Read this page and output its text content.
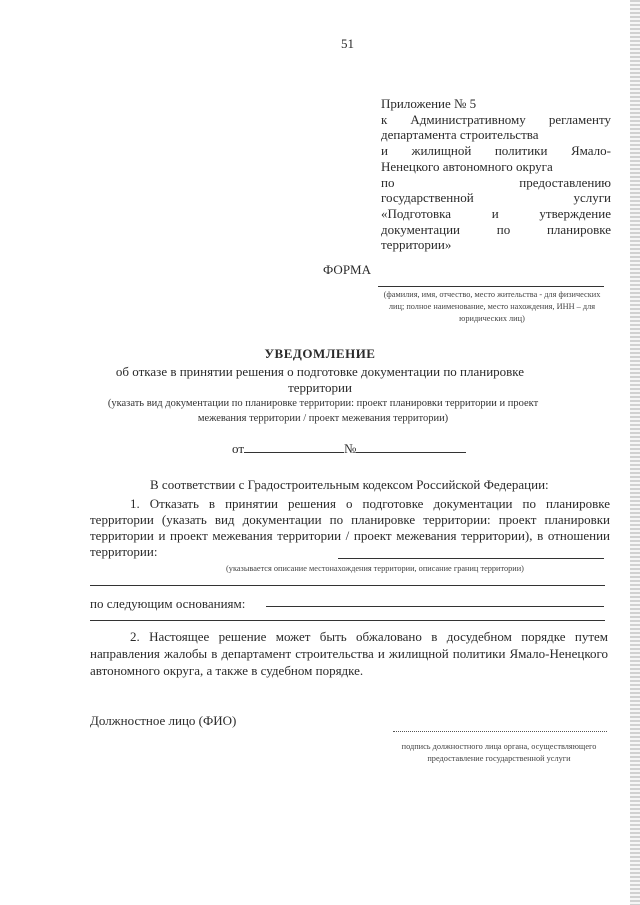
51
Приложение № 5
к Административному регламенту
департамента строительства
и жилищной политики Ямало-
Ненецкого автономного округа
по предоставлению
государственной услуги
«Подготовка и утверждение
документации по планировке
территории»
ФОРМА
(фамилия, имя, отчество, место жительства - для физических лиц; полное наименование, место нахождения, ИНН – для юридических лиц)
УВЕДОМЛЕНИЕ
об отказе в принятии решения о подготовке документации по планировке территории
(указать вид документации по планировке территории: проект планировки территории и проект межевания территории / проект межевания территории)
от	№
В соответствии с Градостроительным кодексом Российской Федерации:
1. Отказать в принятии решения о подготовке документации по планировке территории (указать вид документации по планировке территории: проект планировки территории и проект межевания территории / проект межевания территории), в отношении территории:
(указывается описание местонахождения территории, описание границ территории)
по следующим основаниям:
2. Настоящее решение может быть обжаловано в досудебном порядке путем направления жалобы в департамент строительства и жилищной политики Ямало-Ненецкого автономного округа, а также в судебном порядке.
Должностное лицо (ФИО)
подпись должностного лица органа, осуществляющего предоставление государственной услуги
